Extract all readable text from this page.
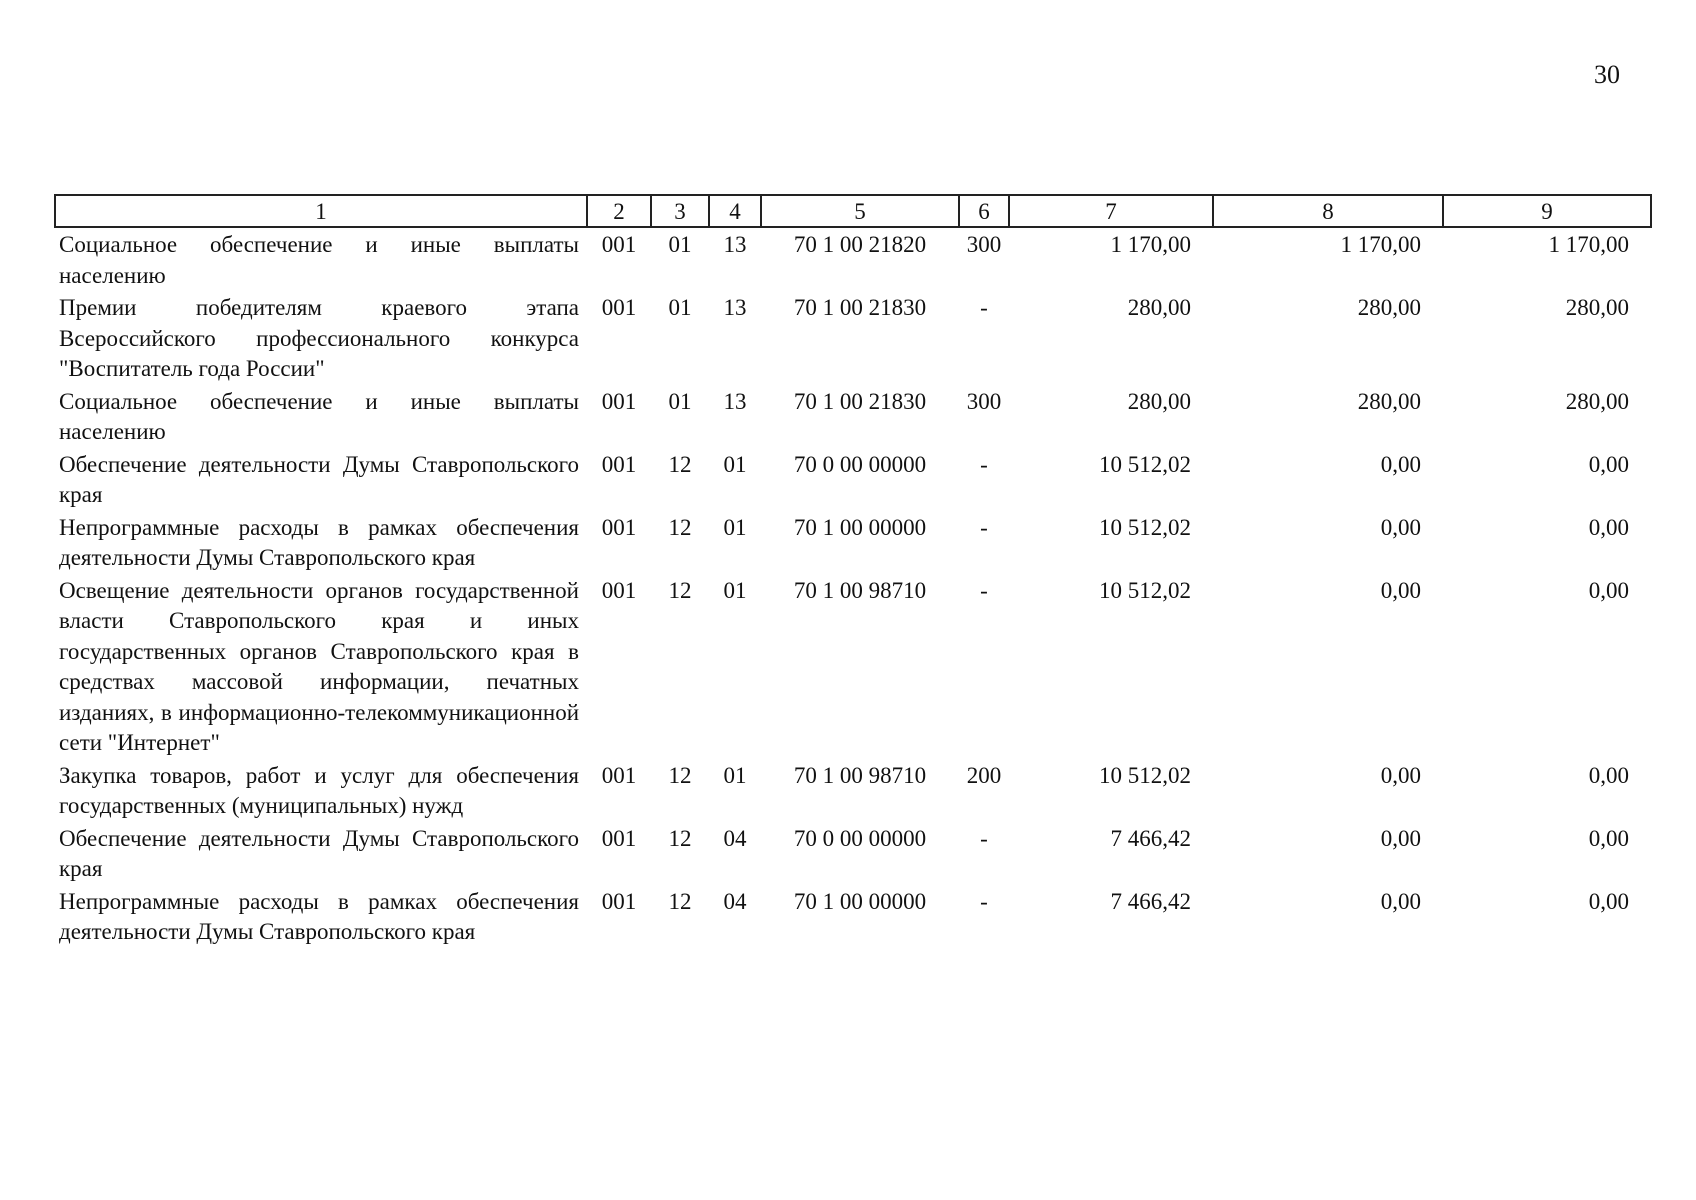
30
1	2	3	4	5	6	7	8	9
Социальное обеспечение и иные выплаты населению	001	01	13	70 1 00 21820	300	1 170,00	1 170,00	1 170,00
Премии победителям краевого этапа Всероссийского профессионального конкурса "Воспитатель года России"	001	01	13	70 1 00 21830	-	280,00	280,00	280,00
Социальное обеспечение и иные выплаты населению	001	01	13	70 1 00 21830	300	280,00	280,00	280,00
Обеспечение деятельности Думы Ставропольского края	001	12	01	70 0 00 00000	-	10 512,02	0,00	0,00
Непрограммные расходы в рамках обеспечения деятельности Думы Ставропольского края	001	12	01	70 1 00 00000	-	10 512,02	0,00	0,00
Освещение деятельности органов государственной власти Ставропольского края и иных государственных органов Ставропольского края в средствах массовой информации, печатных изданиях, в информационно-телекоммуникационной сети "Интернет"	001	12	01	70 1 00 98710	-	10 512,02	0,00	0,00
Закупка товаров, работ и услуг для обеспечения государственных (муниципальных) нужд	001	12	01	70 1 00 98710	200	10 512,02	0,00	0,00
Обеспечение деятельности Думы Ставропольского края	001	12	04	70 0 00 00000	-	7 466,42	0,00	0,00
Непрограммные расходы в рамках обеспечения деятельности Думы Ставропольского края	001	12	04	70 1 00 00000	-	7 466,42	0,00	0,00
